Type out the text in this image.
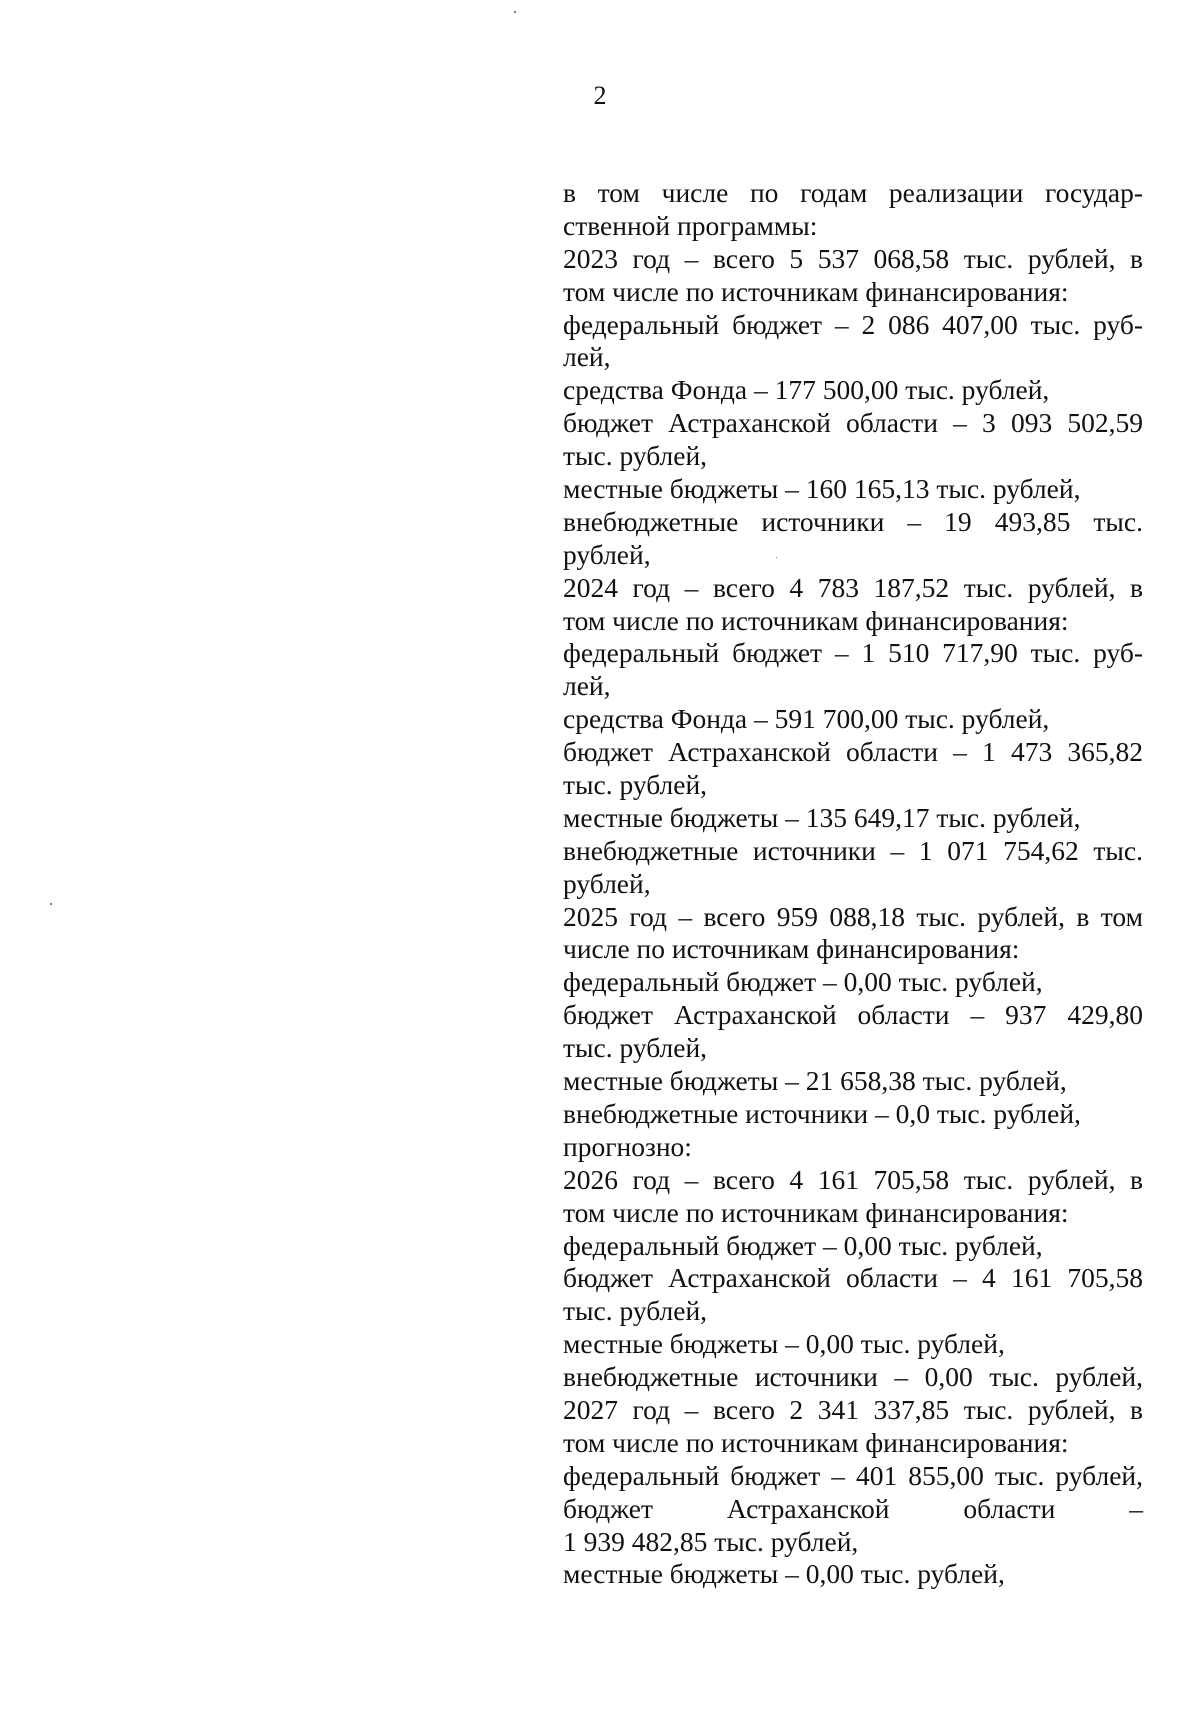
2
в том числе по годам реализации государ-
ственной программы:
2023 год – всего 5 537 068,58 тыс. рублей, в
том числе по источникам финансирования:
федеральный бюджет – 2 086 407,00 тыс. руб-
лей,
средства Фонда – 177 500,00 тыс. рублей,
бюджет Астраханской области – 3 093 502,59
тыс. рублей,
местные бюджеты – 160 165,13 тыс. рублей,
внебюджетные источники – 19 493,85 тыс.
рублей,
2024 год – всего 4 783 187,52 тыс. рублей, в
том числе по источникам финансирования:
федеральный бюджет – 1 510 717,90 тыс. руб-
лей,
средства Фонда – 591 700,00 тыс. рублей,
бюджет Астраханской области – 1 473 365,82
тыс. рублей,
местные бюджеты – 135 649,17 тыс. рублей,
внебюджетные источники – 1 071 754,62 тыс.
рублей,
2025 год – всего 959 088,18 тыс. рублей, в том
числе по источникам финансирования:
федеральный бюджет – 0,00 тыс. рублей,
бюджет Астраханской области – 937 429,80
тыс. рублей,
местные бюджеты – 21 658,38 тыс. рублей,
внебюджетные источники – 0,0 тыс. рублей,
прогнозно:
2026 год – всего 4 161 705,58 тыс. рублей, в
том числе по источникам финансирования:
федеральный бюджет – 0,00 тыс. рублей,
бюджет Астраханской области – 4 161 705,58
тыс. рублей,
местные бюджеты – 0,00 тыс. рублей,
внебюджетные источники – 0,00 тыс. рублей,
2027 год – всего 2 341 337,85 тыс. рублей, в
том числе по источникам финансирования:
федеральный бюджет – 401 855,00 тыс. рублей,
бюджет Астраханской области –
1 939 482,85 тыс. рублей,
местные бюджеты – 0,00 тыс. рублей,
